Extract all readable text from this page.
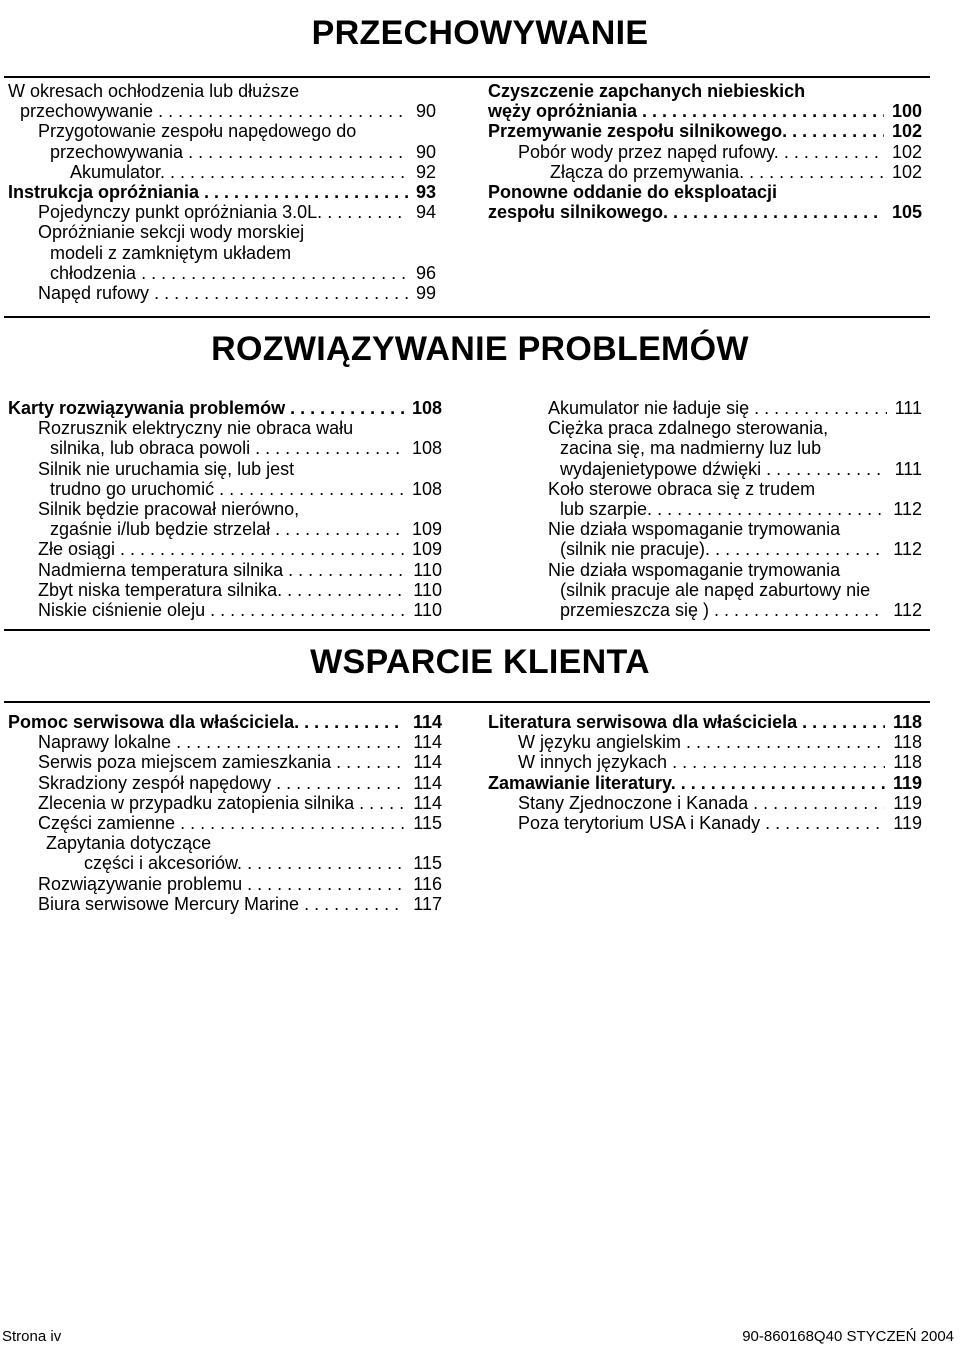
PRZECHOWYWANIE
W okresach ochłodzenia lub dłuższe
przechowywanie . . .	90
Przygotowanie zespołu napędowego do
przechowywania . . .	90
Akumulator. . . .	92
Instrukcja opróżniania . . .	93
Pojedynczy punkt opróżniania 3.0L. . . .	94
Opróżnianie sekcji wody morskiej
modeli z zamkniętym układem
chłodzenia . . .	96
Napęd rufowy . . .	99
Czyszczenie zapchanych niebieskich
węży opróżniania . . .	100
Przemywanie zespołu silnikowego. . . .	102
Pobór wody przez napęd rufowy. . . .	102
Złącza do przemywania. . . .	102
Ponowne oddanie do eksploatacji
zespołu silnikowego. . . .	105
ROZWIĄZYWANIE PROBLEMÓW
Karty rozwiązywania problemów . . .	108
Rozrusznik elektryczny nie obraca wału
silnika, lub obraca powoli . . .	108
Silnik nie uruchamia się, lub jest
trudno go uruchomić . . .	108
Silnik będzie pracował nierówno,
zgaśnie i/lub będzie strzelał . . .	109
Złe osiągi . . .	109
Nadmierna temperatura silnika . . .	110
Zbyt niska temperatura silnika. . . .	110
Niskie ciśnienie oleju . . .	110
Akumulator nie ładuje się . . .	111
Ciężka praca zdalnego sterowania,
zacina się, ma nadmierny luz lub
wydajenietypowe dźwięki . . .	111
Koło sterowe obraca się z trudem
lub szarpie. . . .	112
Nie działa wspomaganie trymowania
(silnik nie pracuje). . . .	112
Nie działa wspomaganie trymowania
(silnik pracuje ale napęd zaburtowy nie
przemieszcza się ) . . .	112
WSPARCIE KLIENTA
Pomoc serwisowa dla właściciela. . . .	114
Naprawy lokalne . . .	114
Serwis poza miejscem zamieszkania . . .	114
Skradziony zespół napędowy . . .	114
Zlecenia w przypadku zatopienia silnika . . .	114
Części zamienne . . .	115
Zapytania dotyczące
części i akcesoriów. . . .	115
Rozwiązywanie problemu . . .	116
Biura serwisowe Mercury Marine . . .	117
Literatura serwisowa dla właściciela . . .	118
W języku angielskim . . .	118
W innych językach . . .	118
Zamawianie literatury. . . .	119
Stany Zjednoczone i Kanada . . .	119
Poza terytorium USA i Kanady . . .	119
Strona iv	90-860168Q40 STYCZEŃ 2004
